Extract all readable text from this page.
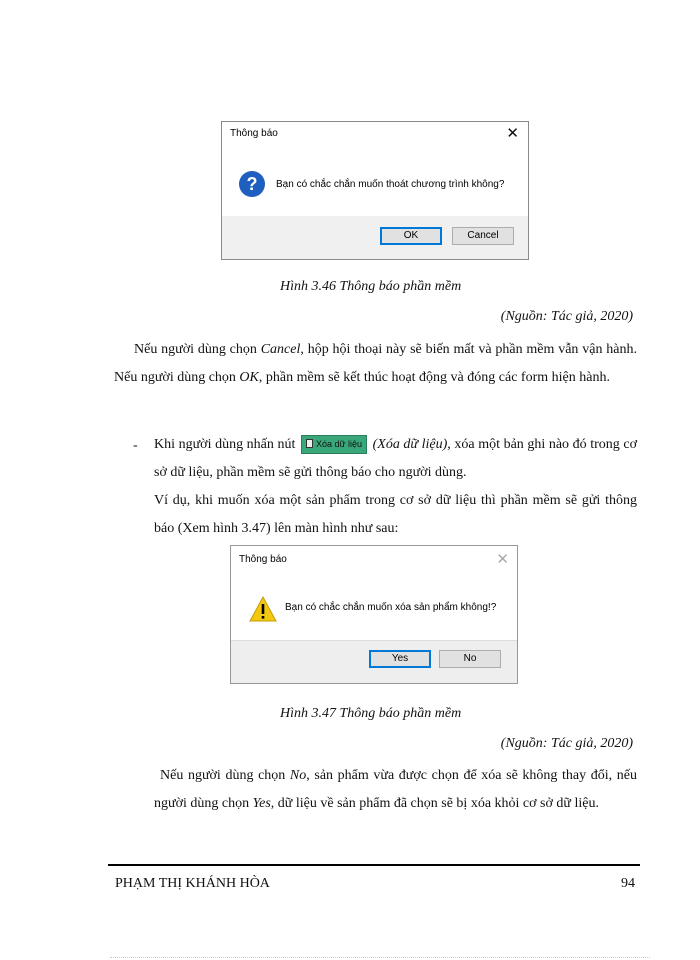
Thông báo	✕
? Bạn có chắc chắn muốn thoát chương trình không?
OK	Cancel
Hình 3.46 Thông báo phần mềm
(Nguồn: Tác giả, 2020)
Nếu người dùng chọn Cancel, hộp hội thoại này sẽ biến mất và phần mềm vẫn vận hành. Nếu người dùng chọn OK, phần mềm sẽ kết thúc hoạt động và đóng các form hiện hành.
- Khi người dùng nhấn nút Xóa dữ liệu (Xóa dữ liệu), xóa một bản ghi nào đó trong cơ sở dữ liệu, phần mềm sẽ gửi thông báo cho người dùng.
Ví dụ, khi muốn xóa một sản phẩm trong cơ sở dữ liệu thì phần mềm sẽ gửi thông báo (Xem hình 3.47) lên màn hình như sau:
Thông báo	✕
Bạn có chắc chắn muốn xóa sản phẩm không!?
Yes	No
Hình 3.47 Thông báo phần mềm
(Nguồn: Tác giả, 2020)
Nếu người dùng chọn No, sản phẩm vừa được chọn để xóa sẽ không thay đổi, nếu người dùng chọn Yes, dữ liệu về sản phẩm đã chọn sẽ bị xóa khỏi cơ sở dữ liệu.
PHẠM THỊ KHÁNH HÒA	94
